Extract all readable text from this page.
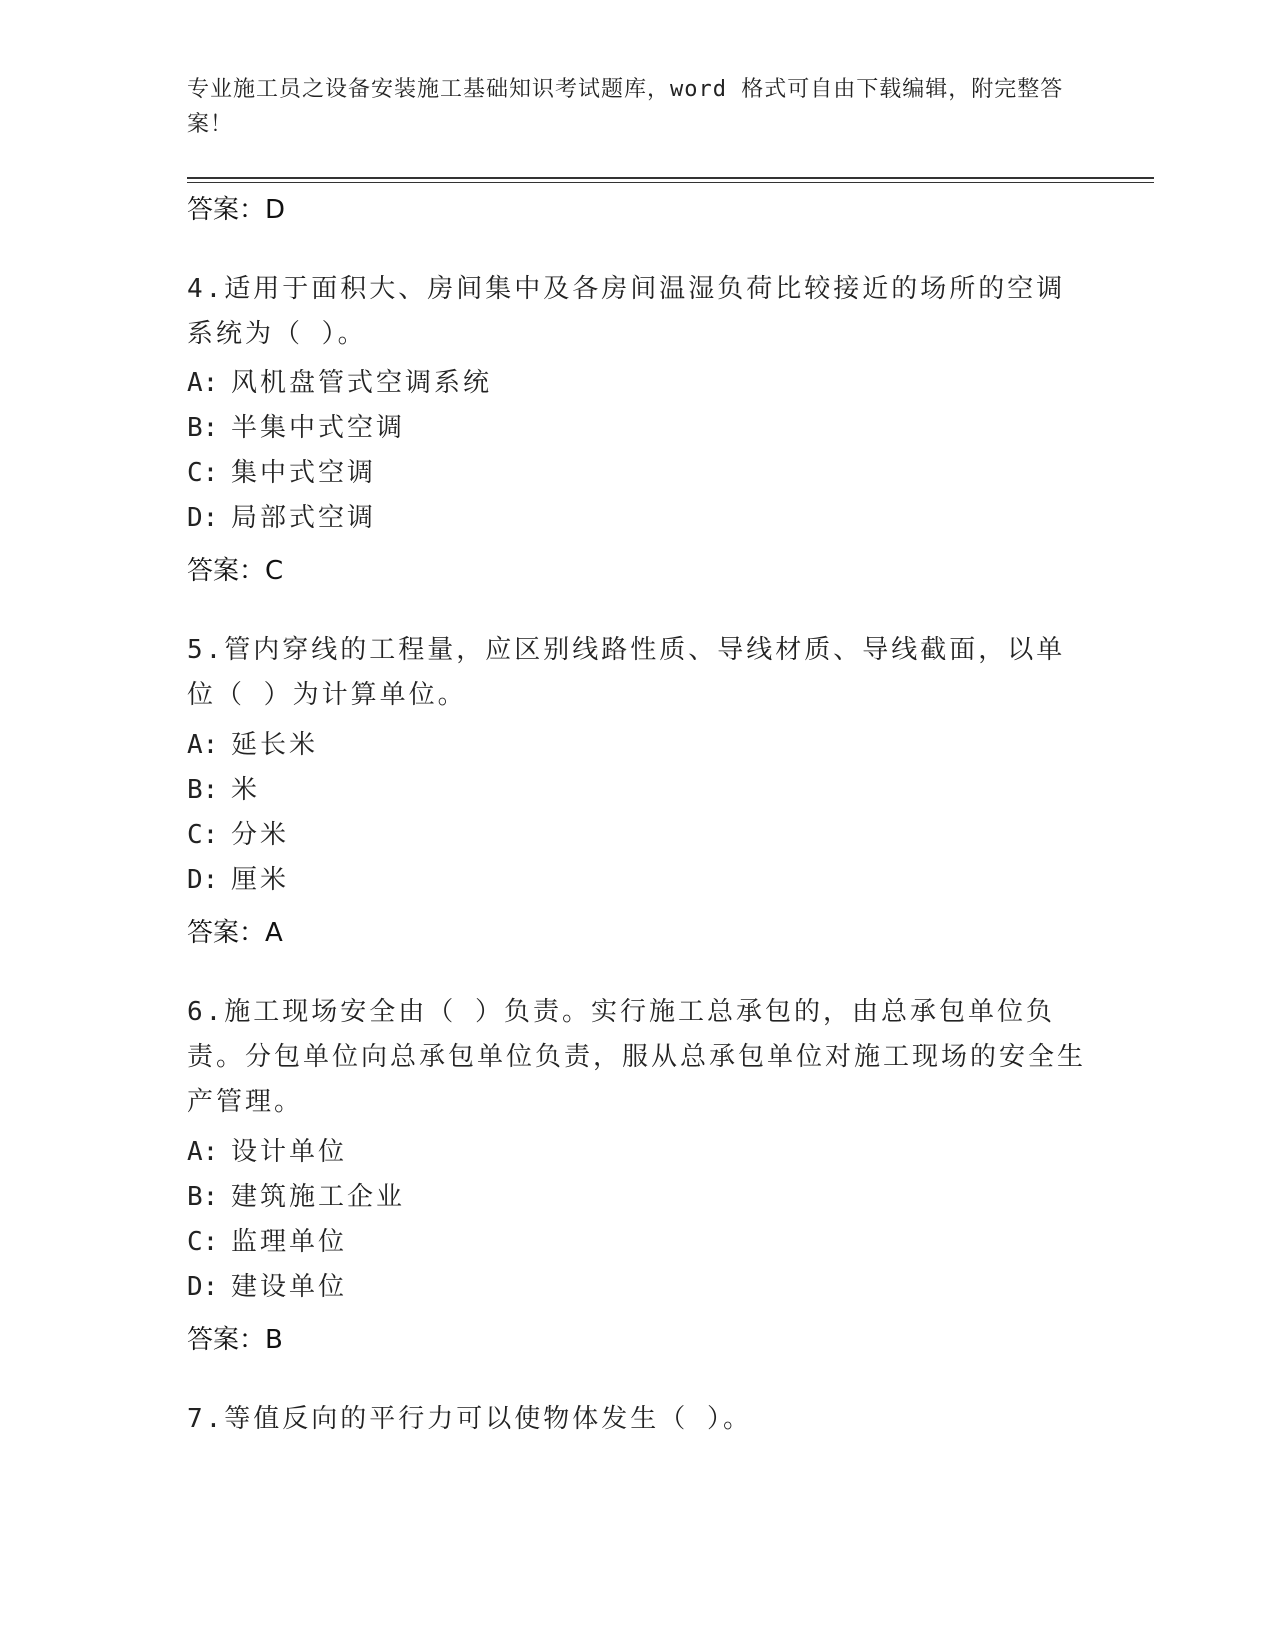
专业施工员之设备安装施工基础知识考试题库，word 格式可自由下载编辑，附完整答案！
答案：D
4.适用于面积大、房间集中及各房间温湿负荷比较接近的场所的空调系统为（ ）。
A: 风机盘管式空调系统
B: 半集中式空调
C: 集中式空调
D: 局部式空调
答案：C
5.管内穿线的工程量，应区别线路性质、导线材质、导线截面，以单位（ ）为计算单位。
A: 延长米
B: 米
C: 分米
D: 厘米
答案：A
6.施工现场安全由（ ）负责。实行施工总承包的，由总承包单位负责。分包单位向总承包单位负责，服从总承包单位对施工现场的安全生产管理。
A: 设计单位
B: 建筑施工企业
C: 监理单位
D: 建设单位
答案：B
7.等值反向的平行力可以使物体发生（ ）。
